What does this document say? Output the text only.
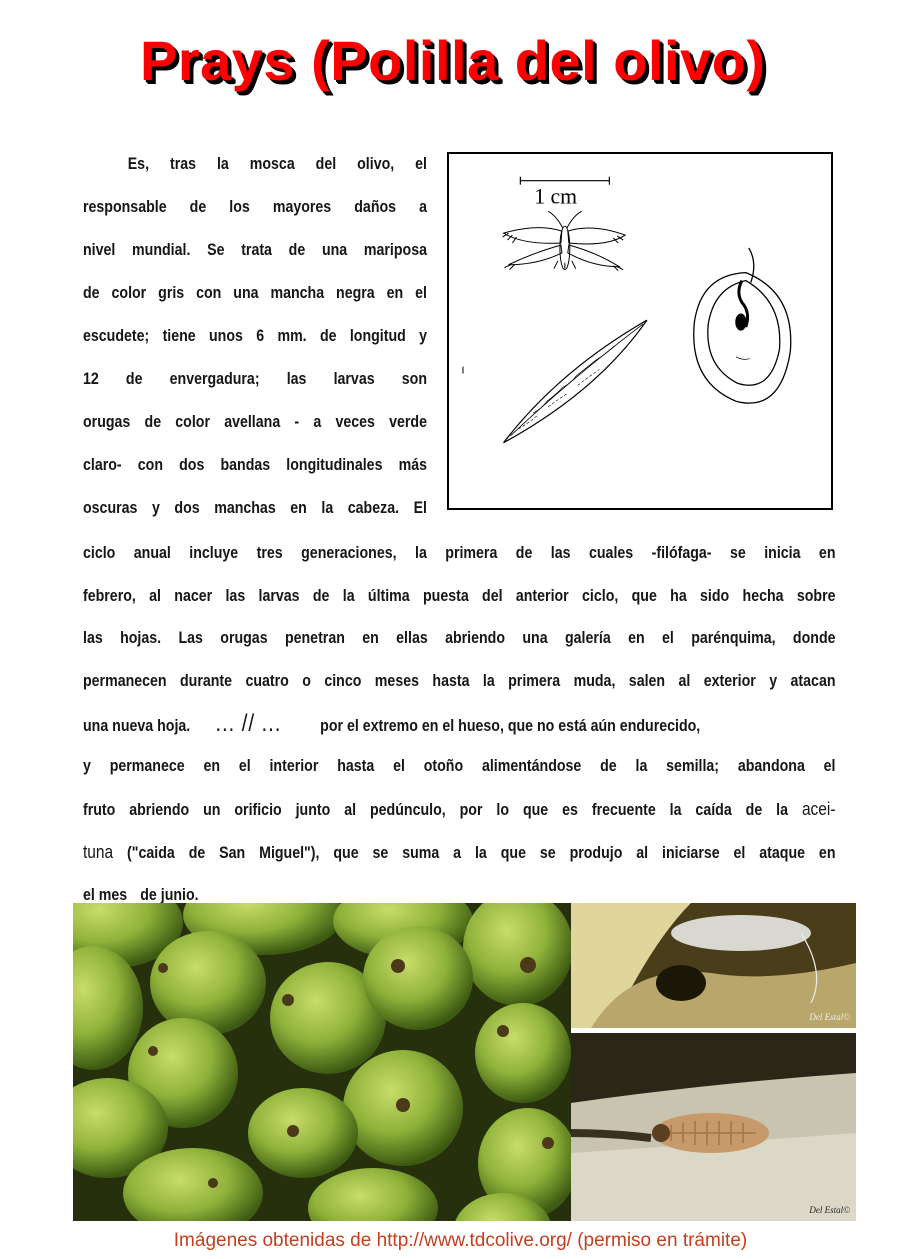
Prays (Polilla del olivo)
Es, tras la mosca del olivo, el
responsable de los mayores daños a
nivel mundial. Se trata de una mariposa
de color gris con una mancha negra en el
escudete; tiene unos 6 mm. de longitud y
12 de envergadura; las larvas son
orugas de color avellana - a veces verde
claro- con dos bandas longitudinales más
oscuras y dos manchas en la cabeza. El
1 cm
ciclo anual incluye tres generaciones, la primera de las cuales -filófaga- se inicia en
febrero, al nacer las larvas de la última puesta del anterior ciclo, que ha sido hecha sobre
las hojas. Las orugas penetran en ellas abriendo una galería en el parénquima, donde
permanecen durante cuatro o cinco meses hasta la primera muda, salen al exterior y atacan
una nueva hoja. ... // ... por el extremo en el hueso, que no está aún endurecido,
y permanece en el interior hasta el otoño alimentándose de la semilla; abandona el
fruto abriendo un orificio junto al pedúnculo, por lo que es frecuente la caída de la acei-
tuna ("caida de San Miguel"), que se suma a la que se produjo al iniciarse el ataque en
el mes de junio.
Del Estal©
Del Estal©
Imágenes obtenidas de http://www.tdcolive.org/ (permiso en trámite)
